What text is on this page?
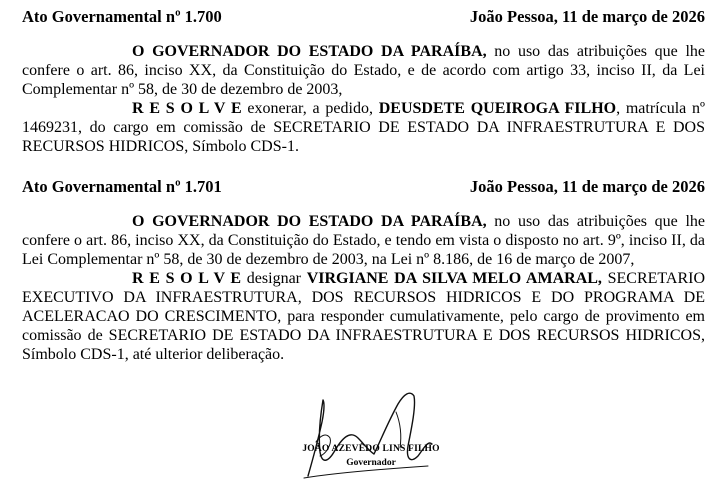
Ato Governamental nº 1.700	João Pessoa, 11 de março de 2026

O GOVERNADOR DO ESTADO DA PARAÍBA, no uso das atribuições que lhe confere o art. 86, inciso XX, da Constituição do Estado, e de acordo com artigo 33, inciso II, da Lei Complementar nº 58, de 30 de dezembro de 2003,

R E S O L V E exonerar, a pedido, DEUSDETE QUEIROGA FILHO, matrícula nº 1469231, do cargo em comissão de SECRETARIO DE ESTADO DA INFRAESTRUTURA E DOS RECURSOS HIDRICOS, Símbolo CDS-1.

Ato Governamental nº 1.701	João Pessoa, 11 de março de 2026

O GOVERNADOR DO ESTADO DA PARAÍBA, no uso das atribuições que lhe confere o art. 86, inciso XX, da Constituição do Estado, e tendo em vista o disposto no art. 9º, inciso II, da Lei Complementar nº 58, de 30 de dezembro de 2003, na Lei nº 8.186, de 16 de março de 2007,

R E S O L V E designar VIRGIANE DA SILVA MELO AMARAL, SECRETARIO EXECUTIVO DA INFRAESTRUTURA, DOS RECURSOS HIDRICOS E DO PROGRAMA DE ACELERACAO DO CRESCIMENTO, para responder cumulativamente, pelo cargo de provimento em comissão de SECRETARIO DE ESTADO DA INFRAESTRUTURA E DOS RECURSOS HIDRICOS, Símbolo CDS-1, até ulterior deliberação.

JOÃO AZEVÊDO LINS FILHO
Governador
